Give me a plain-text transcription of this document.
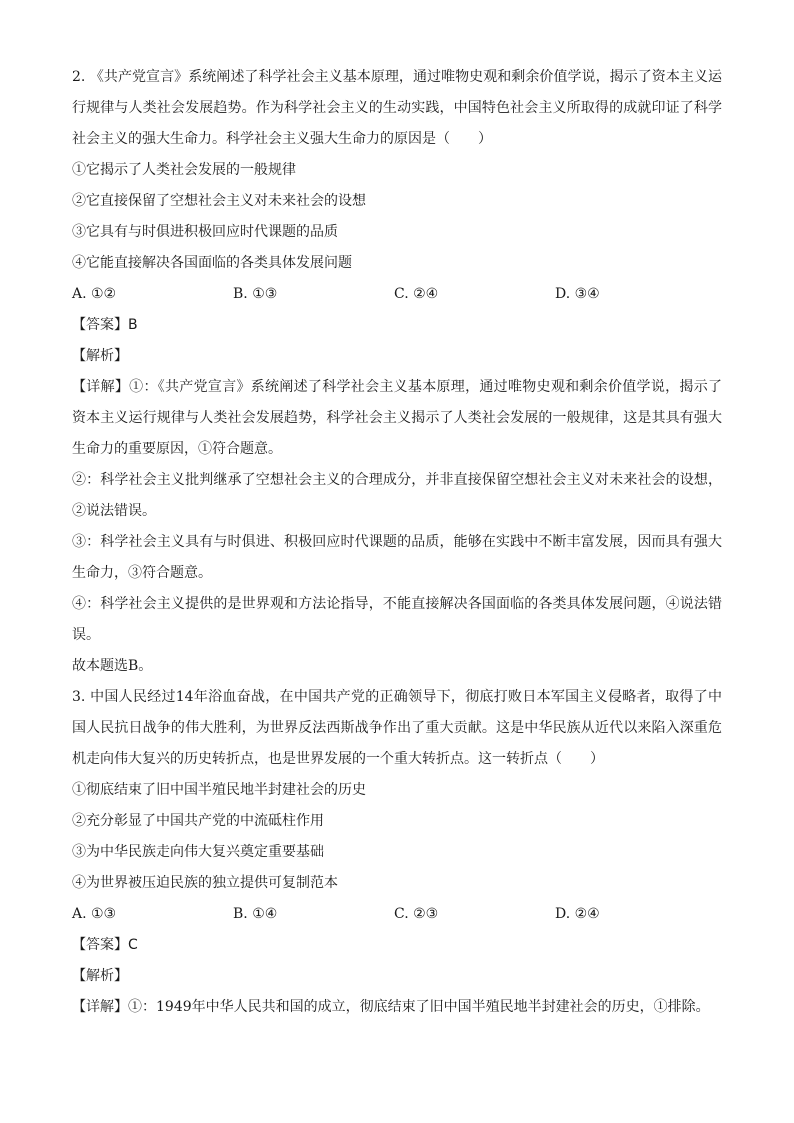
2. 《共产党宣言》系统阐述了科学社会主义基本原理，通过唯物史观和剩余价值学说，揭示了资本主义运行规律与人类社会发展趋势。作为科学社会主义的生动实践，中国特色社会主义所取得的成就印证了科学社会主义的强大生命力。科学社会主义强大生命力的原因是（　　）
①它揭示了人类社会发展的一般规律
②它直接保留了空想社会主义对未来社会的设想
③它具有与时俱进积极回应时代课题的品质
④它能直接解决各国面临的各类具体发展问题
A. ①②	B. ①③	C. ②④	D. ③④
【答案】B
【解析】
【详解】①：《共产党宣言》系统阐述了科学社会主义基本原理，通过唯物史观和剩余价值学说，揭示了资本主义运行规律与人类社会发展趋势，科学社会主义揭示了人类社会发展的一般规律，这是其具有强大生命力的重要原因，①符合题意。
②：科学社会主义批判继承了空想社会主义的合理成分，并非直接保留空想社会主义对未来社会的设想，②说法错误。
③：科学社会主义具有与时俱进、积极回应时代课题的品质，能够在实践中不断丰富发展，因而具有强大生命力，③符合题意。
④：科学社会主义提供的是世界观和方法论指导，不能直接解决各国面临的各类具体发展问题，④说法错误。
故本题选B。
3. 中国人民经过14年浴血奋战，在中国共产党的正确领导下，彻底打败日本军国主义侵略者，取得了中国人民抗日战争的伟大胜利，为世界反法西斯战争作出了重大贡献。这是中华民族从近代以来陷入深重危机走向伟大复兴的历史转折点，也是世界发展的一个重大转折点。这一转折点（　　）
①彻底结束了旧中国半殖民地半封建社会的历史
②充分彰显了中国共产党的中流砥柱作用
③为中华民族走向伟大复兴奠定重要基础
④为世界被压迫民族的独立提供可复制范本
A. ①③	B. ①④	C. ②③	D. ②④
【答案】C
【解析】
【详解】①：1949年中华人民共和国的成立，彻底结束了旧中国半殖民地半封建社会的历史，①排除。
